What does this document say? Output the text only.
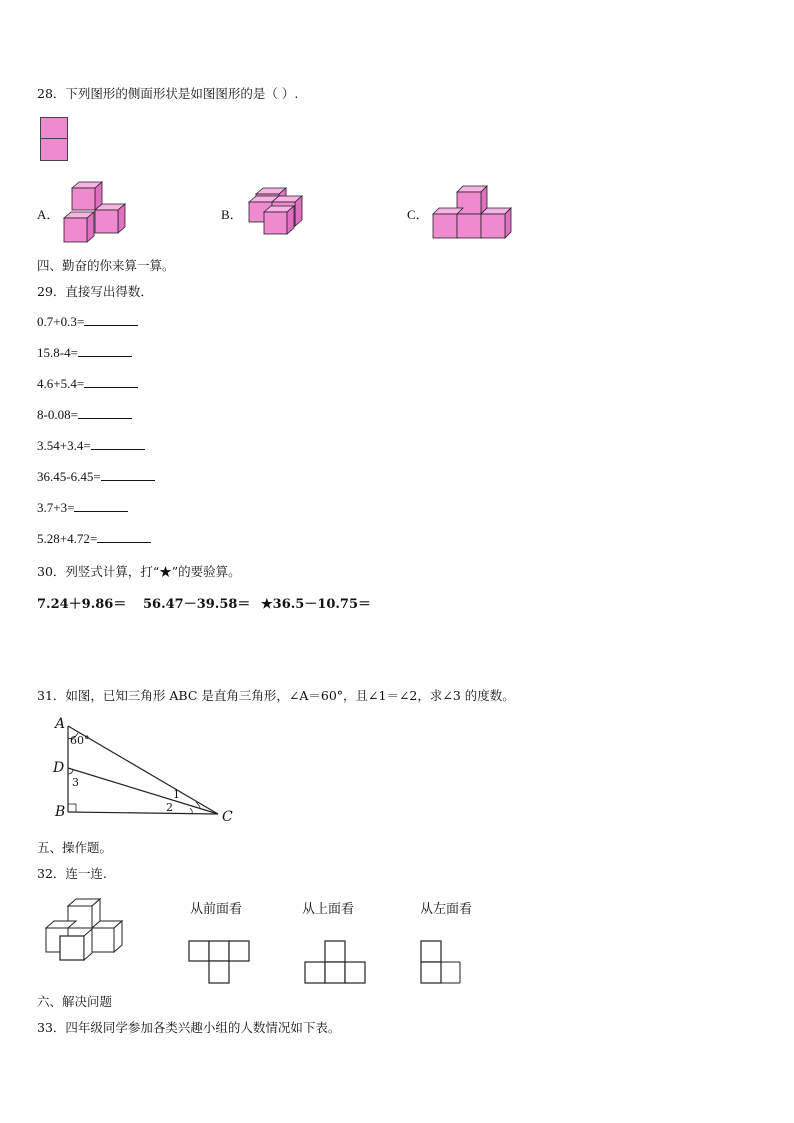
28．下列图形的侧面形状是如图图形的是（ ）.
A．	B．	C．
四、勤奋的你来算一算。
29．直接写出得数．
0.7+0.3=
15.8-4=
4.6+5.4=
8-0.08=
3.54+3.4=
36.45-6.45=
3.7+3=
5.28+4.72=
30．列竖式计算，打“★”的要验算。
7.24＋9.86＝ 56.47－39.58＝ ★36.5－10.75＝
31．如图，已知三角形 ABC 是直角三角形，∠A＝60°，且∠1＝∠2，求∠3 的度数。
A
60°
D
3
B
1
2
C
五、操作题。
32．连一连.
从前面看	从上面看	从左面看
六、解决问题
33．四年级同学参加各类兴趣小组的人数情况如下表。
